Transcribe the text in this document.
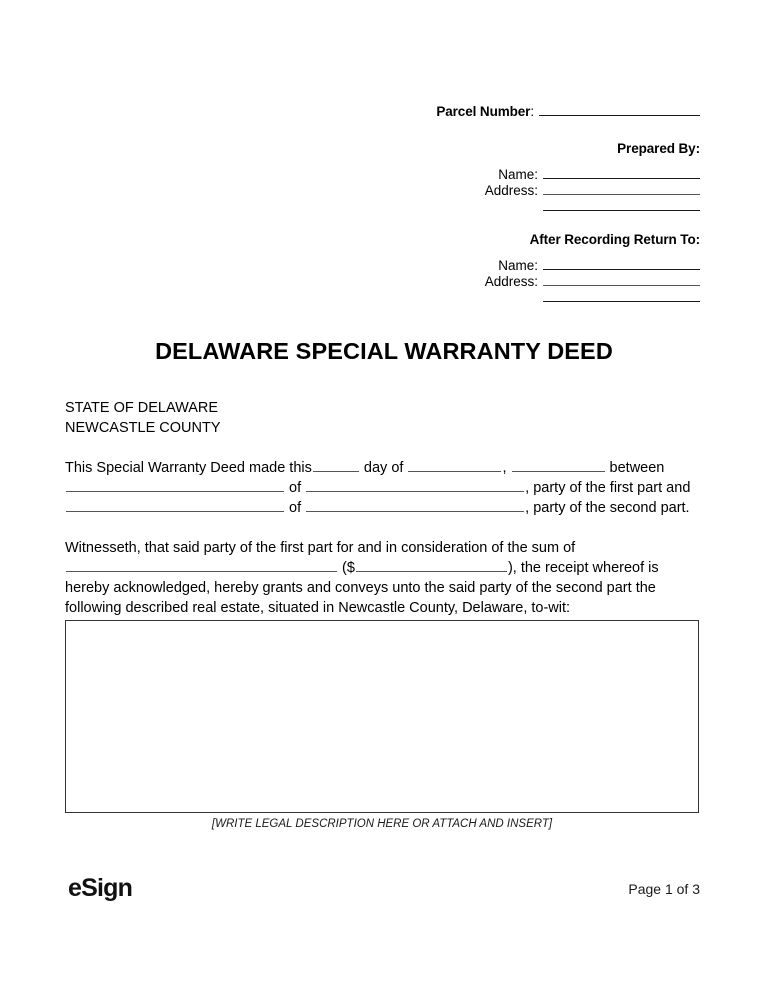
Parcel Number:
Prepared By:
Name:
Address:
After Recording Return To:
Name:
Address:
DELAWARE SPECIAL WARRANTY DEED
STATE OF DELAWARE
NEWCASTLE COUNTY

This Special Warranty Deed made this	day of	,	between
of	, party of the first part and
of	, party of the second part.

Witnesseth, that said party of the first part for and in consideration of the sum of
($	), the receipt whereof is
hereby acknowledged, hereby grants and conveys unto the said party of the second part the
following described real estate, situated in Newcastle County, Delaware, to-wit:

[WRITE LEGAL DESCRIPTION HERE OR ATTACH AND INSERT]
eSign	Page 1 of 3
